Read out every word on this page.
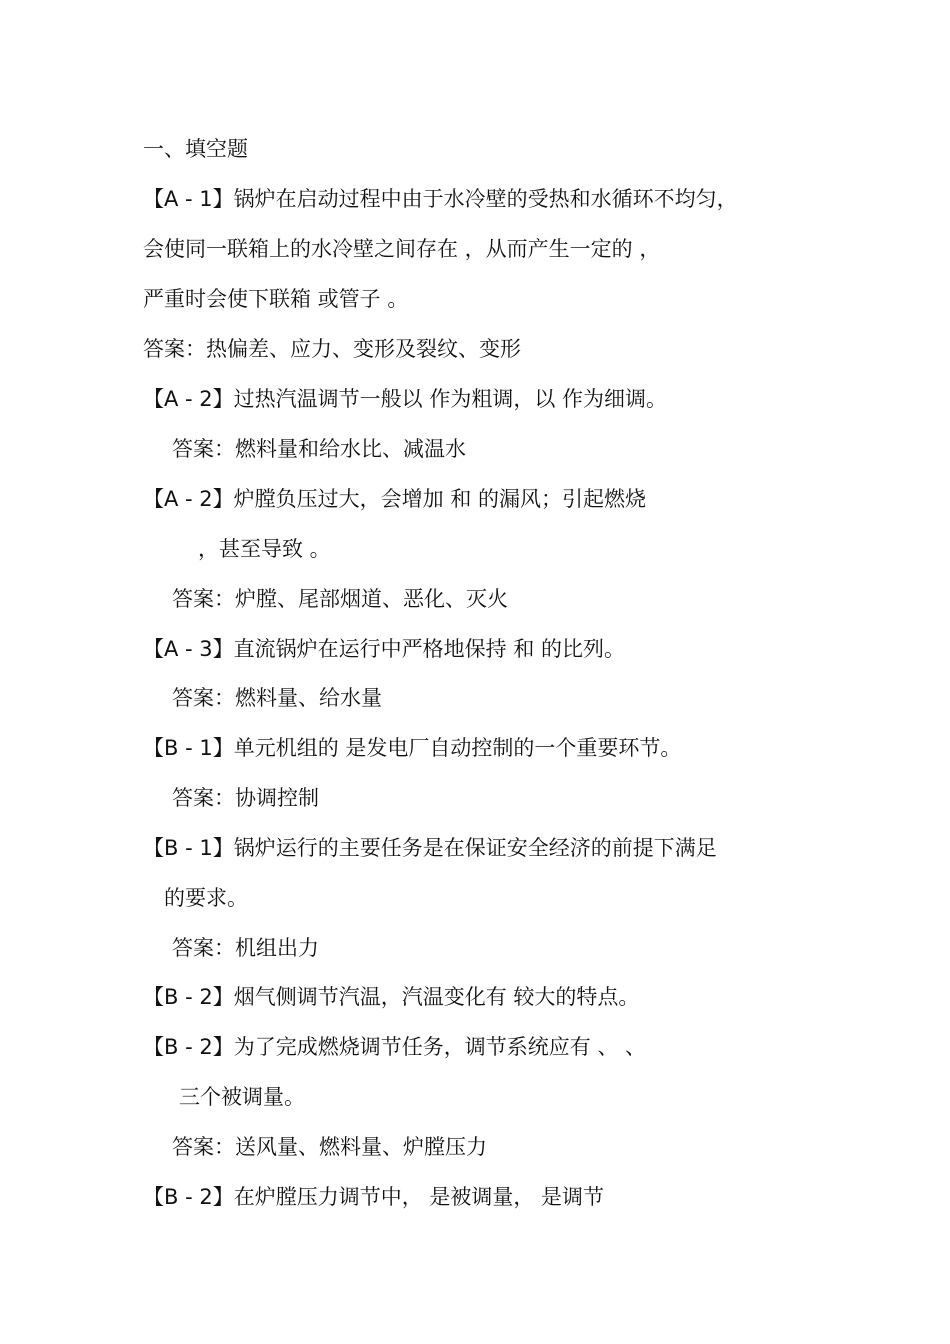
一、填空题
【A - 1】锅炉在启动过程中由于水冷壁的受热和水循环不均匀，
会使同一联箱上的水冷壁之间存在 ，从而产生一定的 ，
严重时会使下联箱 或管子 。
答案：热偏差、应力、变形及裂纹、变形
【A - 2】过热汽温调节一般以 作为粗调，以 作为细调。
答案：燃料量和给水比、减温水
【A - 2】炉膛负压过大，会增加 和 的漏风；引起燃烧
，甚至导致 。
答案：炉膛、尾部烟道、恶化、灭火
【A - 3】直流锅炉在运行中严格地保持 和 的比列。
答案：燃料量、给水量
【B - 1】单元机组的 是发电厂自动控制的一个重要环节。
答案：协调控制
【B - 1】锅炉运行的主要任务是在保证安全经济的前提下满足
的要求。
答案：机组出力
【B - 2】烟气侧调节汽温，汽温变化有 较大的特点。
【B - 2】为了完成燃烧调节任务，调节系统应有 、 、
三个被调量。
答案：送风量、燃料量、炉膛压力
【B - 2】在炉膛压力调节中， 是被调量， 是调节
